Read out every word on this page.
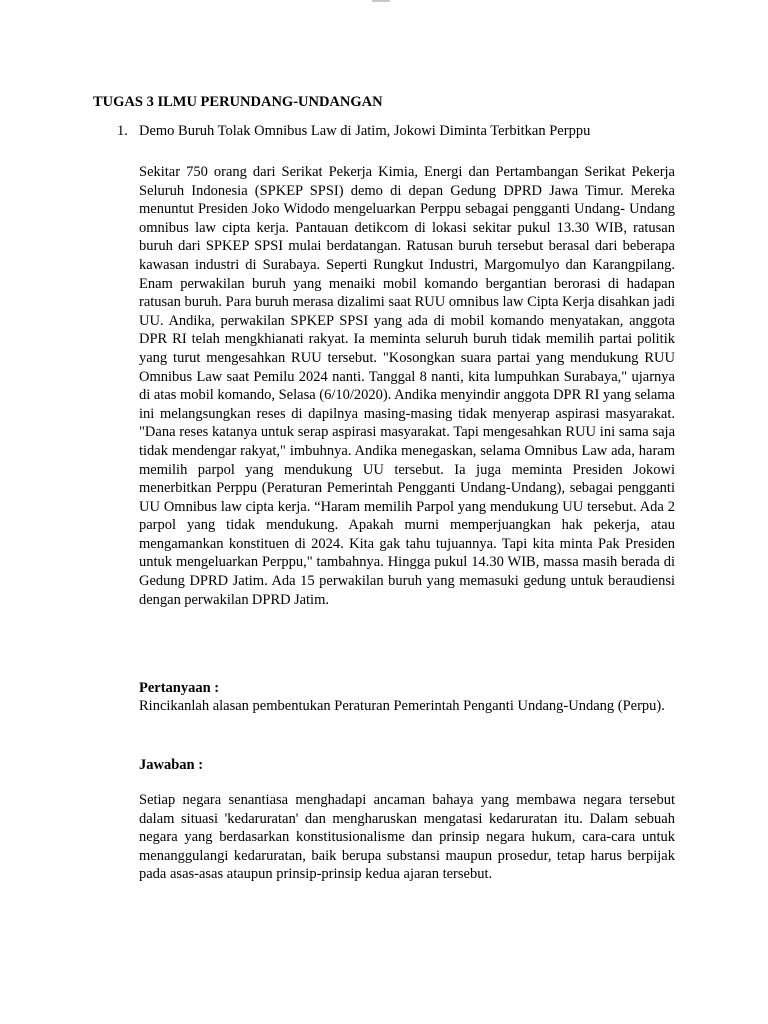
TUGAS 3 ILMU PERUNDANG-UNDANGAN
1. Demo Buruh Tolak Omnibus Law di Jatim, Jokowi Diminta Terbitkan Perppu
Sekitar 750 orang dari Serikat Pekerja Kimia, Energi dan Pertambangan Serikat Pekerja Seluruh Indonesia (SPKEP SPSI) demo di depan Gedung DPRD Jawa Timur. Mereka menuntut Presiden Joko Widodo mengeluarkan Perppu sebagai pengganti Undang- Undang omnibus law cipta kerja. Pantauan detikcom di lokasi sekitar pukul 13.30 WIB, ratusan buruh dari SPKEP SPSI mulai berdatangan. Ratusan buruh tersebut berasal dari beberapa kawasan industri di Surabaya. Seperti Rungkut Industri, Margomulyo dan Karangpilang. Enam perwakilan buruh yang menaiki mobil komando bergantian berorasi di hadapan ratusan buruh. Para buruh merasa dizalimi saat RUU omnibus law Cipta Kerja disahkan jadi UU. Andika, perwakilan SPKEP SPSI yang ada di mobil komando menyatakan, anggota DPR RI telah mengkhianati rakyat. Ia meminta seluruh buruh tidak memilih partai politik yang turut mengesahkan RUU tersebut. "Kosongkan suara partai yang mendukung RUU Omnibus Law saat Pemilu 2024 nanti. Tanggal 8 nanti, kita lumpuhkan Surabaya," ujarnya di atas mobil komando, Selasa (6/10/2020). Andika menyindir anggota DPR RI yang selama ini melangsungkan reses di dapilnya masing-masing tidak menyerap aspirasi masyarakat. "Dana reses katanya untuk serap aspirasi masyarakat. Tapi mengesahkan RUU ini sama saja tidak mendengar rakyat," imbuhnya. Andika menegaskan, selama Omnibus Law ada, haram memilih parpol yang mendukung UU tersebut. Ia juga meminta Presiden Jokowi menerbitkan Perppu (Peraturan Pemerintah Pengganti Undang-Undang), sebagai pengganti UU Omnibus law cipta kerja. “Haram memilih Parpol yang mendukung UU tersebut. Ada 2 parpol yang tidak mendukung. Apakah murni memperjuangkan hak pekerja, atau mengamankan konstituen di 2024. Kita gak tahu tujuannya. Tapi kita minta Pak Presiden untuk mengeluarkan Perppu," tambahnya. Hingga pukul 14.30 WIB, massa masih berada di Gedung DPRD Jatim. Ada 15 perwakilan buruh yang memasuki gedung untuk beraudiensi dengan perwakilan DPRD Jatim.
Pertanyaan :
Rincikanlah alasan pembentukan Peraturan Pemerintah Penganti Undang-Undang (Perpu).
Jawaban :
Setiap negara senantiasa menghadapi ancaman bahaya yang membawa negara tersebut dalam situasi 'kedaruratan' dan mengharuskan mengatasi kedaruratan itu. Dalam sebuah negara yang berdasarkan konstitusionalisme dan prinsip negara hukum, cara-cara untuk menanggulangi kedaruratan, baik berupa substansi maupun prosedur, tetap harus berpijak pada asas-asas ataupun prinsip-prinsip kedua ajaran tersebut.
